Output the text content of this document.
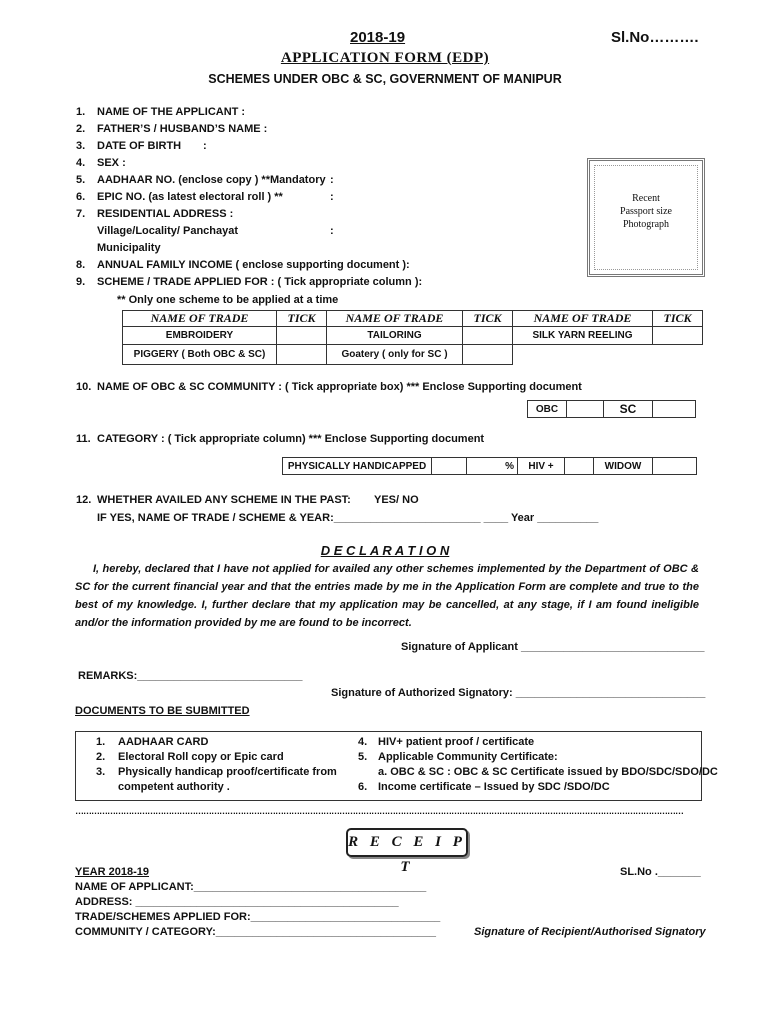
2018-19	Sl.No……….
APPLICATION FORM (EDP)
SCHEMES UNDER OBC & SC, GOVERNMENT OF MANIPUR
1. NAME OF THE APPLICANT :
2. FATHER’S / HUSBAND’S NAME :
3. DATE OF BIRTH :
4. SEX :
5. AADHAAR NO. (enclose copy ) **Mandatory :
6. EPIC NO. (as latest electoral roll ) **	:
7. RESIDENTIAL ADDRESS :
Village/Locality/ Panchayat	:
Municipality
8. ANNUAL FAMILY INCOME ( enclose supporting document ):
9. SCHEME / TRADE APPLIED FOR : ( Tick appropriate column ):
Recent
Passport size
Photograph
** Only one scheme to be applied at a time
NAME OF TRADE	TICK	NAME OF TRADE	TICK	NAME OF TRADE	TICK
EMBROIDERY		TAILORING		SILK YARN REELING	
PIGGERY ( Both OBC & SC)		Goatery ( only for SC )			
10. NAME OF OBC & SC COMMUNITY : ( Tick appropriate box) *** Enclose Supporting document
OBC		SC	
11. CATEGORY : ( Tick appropriate column) *** Enclose Supporting document
PHYSICALLY HANDICAPPED		%	HIV +		WIDOW	
12. WHETHER AVAILED ANY SCHEME IN THE PAST: YES/ NO
IF YES, NAME OF TRADE / SCHEME & YEAR:________________________ ____ Year __________
D E C L A R A T I O N
I, hereby, declared that I have not applied for availed any other schemes implemented by the Department of OBC & SC for the current financial year and that the entries made by me in the Application Form are complete and true to the best of my knowledge. I, further declare that my application may be cancelled, at any stage, if I am found ineligible and/or the information provided by me are found to be incorrect.
Signature of Applicant ______________________________
REMARKS:___________________________
Signature of Authorized Signatory: _______________________________
DOCUMENTS TO BE SUBMITTED
1. AADHAAR CARD
2. Electoral Roll copy or Epic card
3. Physically handicap proof/certificate from
competent authority .
4. HIV+ patient proof / certificate
5. Applicable Community Certificate:
a. OBC & SC : OBC & SC Certificate issued by BDO/SDC/SDO/DC
6. Income certificate – Issued by SDC /SDO/DC
…………………………………………………………………………………………………………………………………………………………………………………………………………
R E C E I P T
YEAR 2018-19	SL.No ._______
NAME OF APPLICANT:______________________________________
ADDRESS: ___________________________________________
TRADE/SCHEMES APPLIED FOR:_______________________________
COMMUNITY / CATEGORY:____________________________________	Signature of Recipient/Authorised Signatory
